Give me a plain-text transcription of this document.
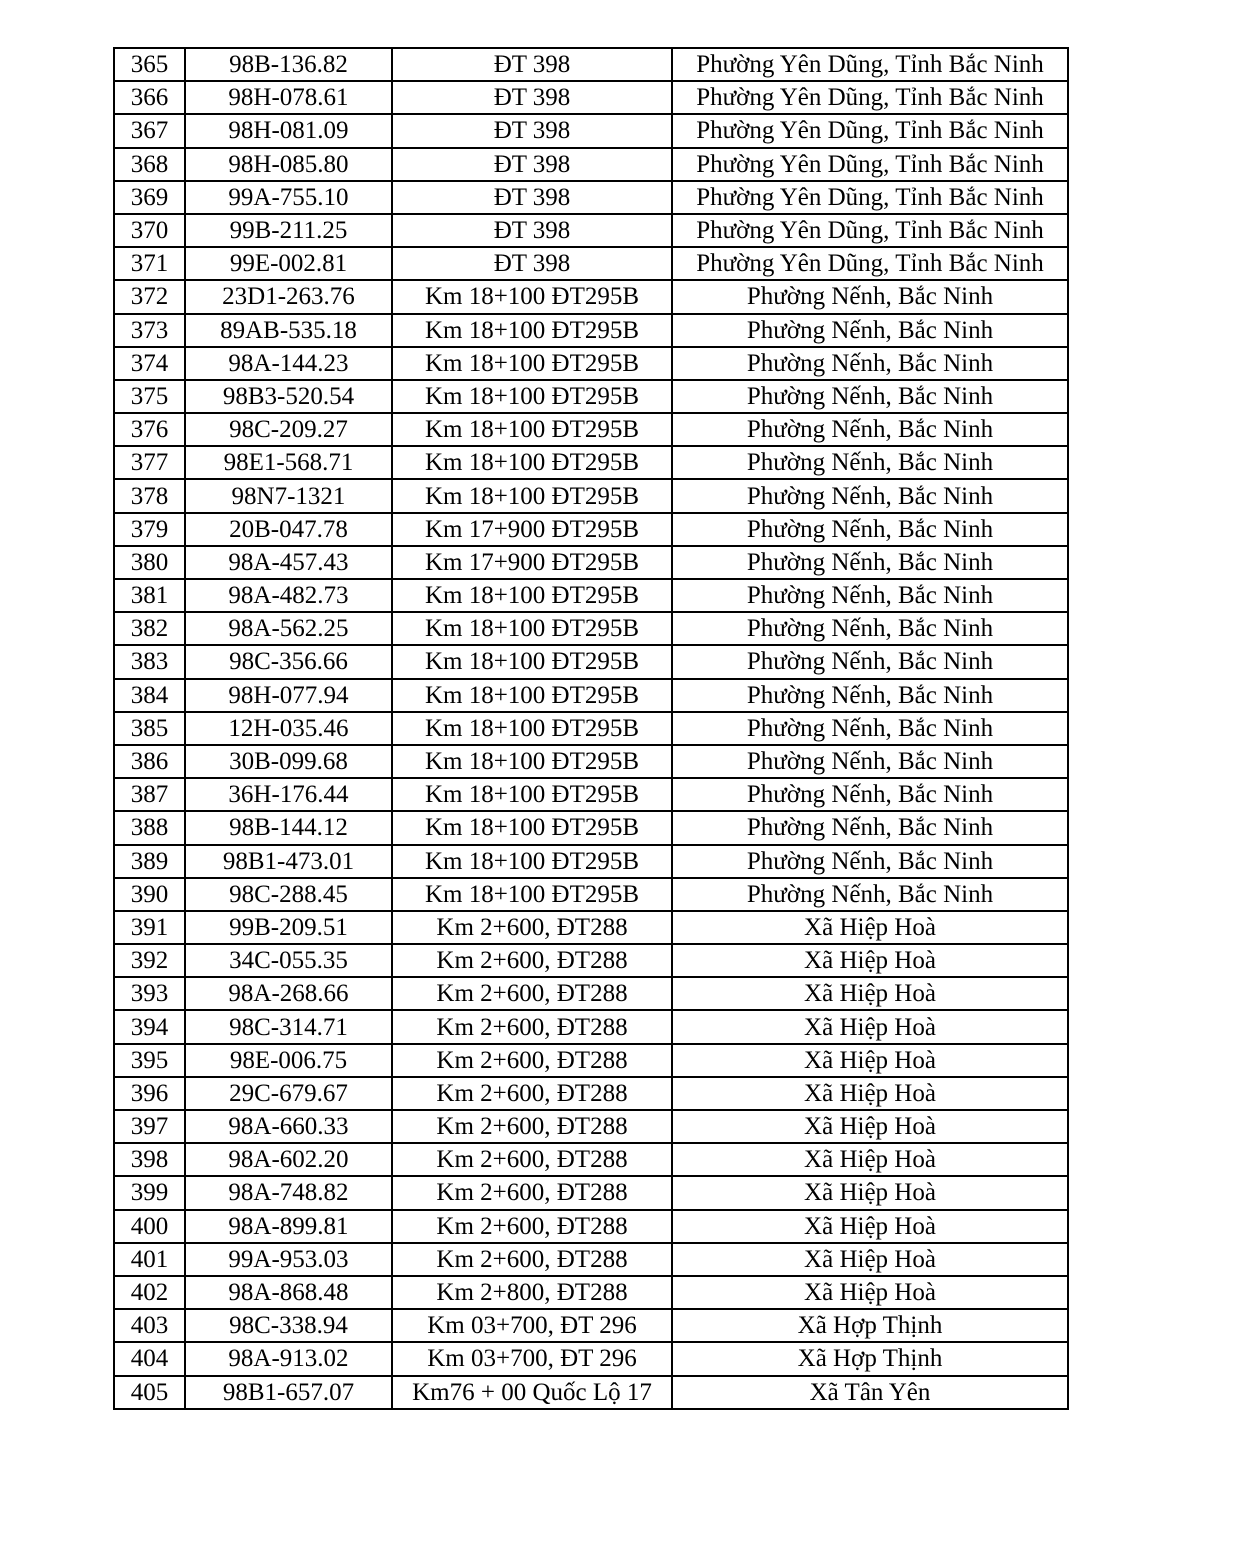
365	98B-136.82	ĐT 398	Phường Yên Dũng, Tỉnh Bắc Ninh
366	98H-078.61	ĐT 398	Phường Yên Dũng, Tỉnh Bắc Ninh
367	98H-081.09	ĐT 398	Phường Yên Dũng, Tỉnh Bắc Ninh
368	98H-085.80	ĐT 398	Phường Yên Dũng, Tỉnh Bắc Ninh
369	99A-755.10	ĐT 398	Phường Yên Dũng, Tỉnh Bắc Ninh
370	99B-211.25	ĐT 398	Phường Yên Dũng, Tỉnh Bắc Ninh
371	99E-002.81	ĐT 398	Phường Yên Dũng, Tỉnh Bắc Ninh
372	23D1-263.76	Km 18+100 ĐT295B	Phường Nếnh, Bắc Ninh
373	89AB-535.18	Km 18+100 ĐT295B	Phường Nếnh, Bắc Ninh
374	98A-144.23	Km 18+100 ĐT295B	Phường Nếnh, Bắc Ninh
375	98B3-520.54	Km 18+100 ĐT295B	Phường Nếnh, Bắc Ninh
376	98C-209.27	Km 18+100 ĐT295B	Phường Nếnh, Bắc Ninh
377	98E1-568.71	Km 18+100 ĐT295B	Phường Nếnh, Bắc Ninh
378	98N7-1321	Km 18+100 ĐT295B	Phường Nếnh, Bắc Ninh
379	20B-047.78	Km 17+900 ĐT295B	Phường Nếnh, Bắc Ninh
380	98A-457.43	Km 17+900 ĐT295B	Phường Nếnh, Bắc Ninh
381	98A-482.73	Km 18+100 ĐT295B	Phường Nếnh, Bắc Ninh
382	98A-562.25	Km 18+100 ĐT295B	Phường Nếnh, Bắc Ninh
383	98C-356.66	Km 18+100 ĐT295B	Phường Nếnh, Bắc Ninh
384	98H-077.94	Km 18+100 ĐT295B	Phường Nếnh, Bắc Ninh
385	12H-035.46	Km 18+100 ĐT295B	Phường Nếnh, Bắc Ninh
386	30B-099.68	Km 18+100 ĐT295B	Phường Nếnh, Bắc Ninh
387	36H-176.44	Km 18+100 ĐT295B	Phường Nếnh, Bắc Ninh
388	98B-144.12	Km 18+100 ĐT295B	Phường Nếnh, Bắc Ninh
389	98B1-473.01	Km 18+100 ĐT295B	Phường Nếnh, Bắc Ninh
390	98C-288.45	Km 18+100 ĐT295B	Phường Nếnh, Bắc Ninh
391	99B-209.51	Km 2+600, ĐT288	Xã Hiệp Hoà
392	34C-055.35	Km 2+600, ĐT288	Xã Hiệp Hoà
393	98A-268.66	Km 2+600, ĐT288	Xã Hiệp Hoà
394	98C-314.71	Km 2+600, ĐT288	Xã Hiệp Hoà
395	98E-006.75	Km 2+600, ĐT288	Xã Hiệp Hoà
396	29C-679.67	Km 2+600, ĐT288	Xã Hiệp Hoà
397	98A-660.33	Km 2+600, ĐT288	Xã Hiệp Hoà
398	98A-602.20	Km 2+600, ĐT288	Xã Hiệp Hoà
399	98A-748.82	Km 2+600, ĐT288	Xã Hiệp Hoà
400	98A-899.81	Km 2+600, ĐT288	Xã Hiệp Hoà
401	99A-953.03	Km 2+600, ĐT288	Xã Hiệp Hoà
402	98A-868.48	Km 2+800, ĐT288	Xã Hiệp Hoà
403	98C-338.94	Km 03+700, ĐT 296	Xã Hợp Thịnh
404	98A-913.02	Km 03+700, ĐT 296	Xã Hợp Thịnh
405	98B1-657.07	Km76 + 00 Quốc Lộ 17	Xã Tân Yên
